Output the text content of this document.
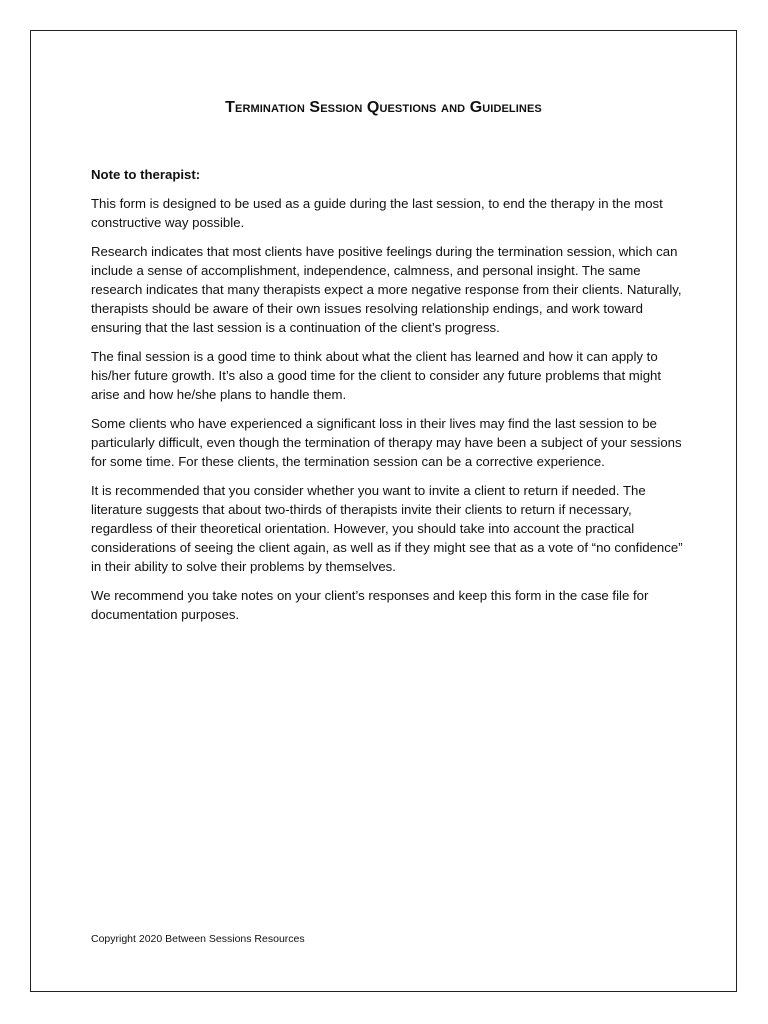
Termination Session Questions and Guidelines
Note to therapist:

This form is designed to be used as a guide during the last session, to end the therapy in the most constructive way possible.

Research indicates that most clients have positive feelings during the termination session, which can include a sense of accomplishment, independence, calmness, and personal insight. The same research indicates that many therapists expect a more negative response from their clients. Naturally, therapists should be aware of their own issues resolving relationship endings, and work toward ensuring that the last session is a continuation of the client’s progress.

The final session is a good time to think about what the client has learned and how it can apply to his/her future growth. It’s also a good time for the client to consider any future problems that might arise and how he/she plans to handle them.

Some clients who have experienced a significant loss in their lives may find the last session to be particularly difficult, even though the termination of therapy may have been a subject of your sessions for some time. For these clients, the termination session can be a corrective experience.

It is recommended that you consider whether you want to invite a client to return if needed. The literature suggests that about two-thirds of therapists invite their clients to return if necessary, regardless of their theoretical orientation. However, you should take into account the practical considerations of seeing the client again, as well as if they might see that as a vote of “no confidence” in their ability to solve their problems by themselves.

We recommend you take notes on your client’s responses and keep this form in the case file for documentation purposes.

Copyright 2020 Between Sessions Resources
